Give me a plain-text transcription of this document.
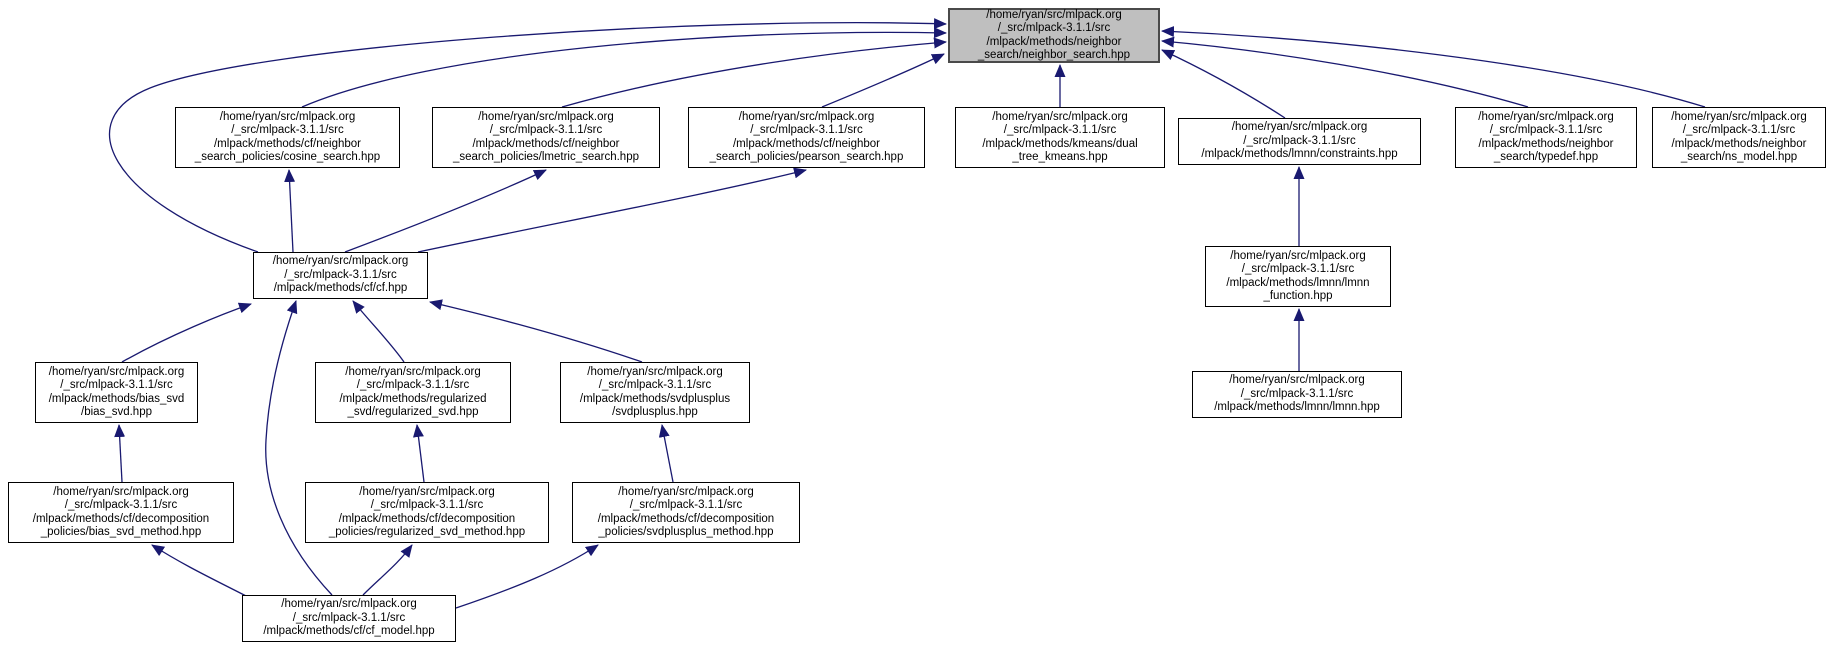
/home/ryan/src/mlpack.org
/_src/mlpack-3.1.1/src
/mlpack/methods/neighbor
_search/neighbor_search.hpp
/home/ryan/src/mlpack.org
/_src/mlpack-3.1.1/src
/mlpack/methods/cf/neighbor
_search_policies/cosine_search.hpp
/home/ryan/src/mlpack.org
/_src/mlpack-3.1.1/src
/mlpack/methods/cf/neighbor
_search_policies/lmetric_search.hpp
/home/ryan/src/mlpack.org
/_src/mlpack-3.1.1/src
/mlpack/methods/cf/neighbor
_search_policies/pearson_search.hpp
/home/ryan/src/mlpack.org
/_src/mlpack-3.1.1/src
/mlpack/methods/kmeans/dual
_tree_kmeans.hpp
/home/ryan/src/mlpack.org
/_src/mlpack-3.1.1/src
/mlpack/methods/lmnn/constraints.hpp
/home/ryan/src/mlpack.org
/_src/mlpack-3.1.1/src
/mlpack/methods/neighbor
_search/typedef.hpp
/home/ryan/src/mlpack.org
/_src/mlpack-3.1.1/src
/mlpack/methods/neighbor
_search/ns_model.hpp
/home/ryan/src/mlpack.org
/_src/mlpack-3.1.1/src
/mlpack/methods/cf/cf.hpp
/home/ryan/src/mlpack.org
/_src/mlpack-3.1.1/src
/mlpack/methods/lmnn/lmnn
_function.hpp
/home/ryan/src/mlpack.org
/_src/mlpack-3.1.1/src
/mlpack/methods/bias_svd
/bias_svd.hpp
/home/ryan/src/mlpack.org
/_src/mlpack-3.1.1/src
/mlpack/methods/regularized
_svd/regularized_svd.hpp
/home/ryan/src/mlpack.org
/_src/mlpack-3.1.1/src
/mlpack/methods/svdplusplus
/svdplusplus.hpp
/home/ryan/src/mlpack.org
/_src/mlpack-3.1.1/src
/mlpack/methods/lmnn/lmnn.hpp
/home/ryan/src/mlpack.org
/_src/mlpack-3.1.1/src
/mlpack/methods/cf/decomposition
_policies/bias_svd_method.hpp
/home/ryan/src/mlpack.org
/_src/mlpack-3.1.1/src
/mlpack/methods/cf/decomposition
_policies/regularized_svd_method.hpp
/home/ryan/src/mlpack.org
/_src/mlpack-3.1.1/src
/mlpack/methods/cf/decomposition
_policies/svdplusplus_method.hpp
/home/ryan/src/mlpack.org
/_src/mlpack-3.1.1/src
/mlpack/methods/cf/cf_model.hpp
